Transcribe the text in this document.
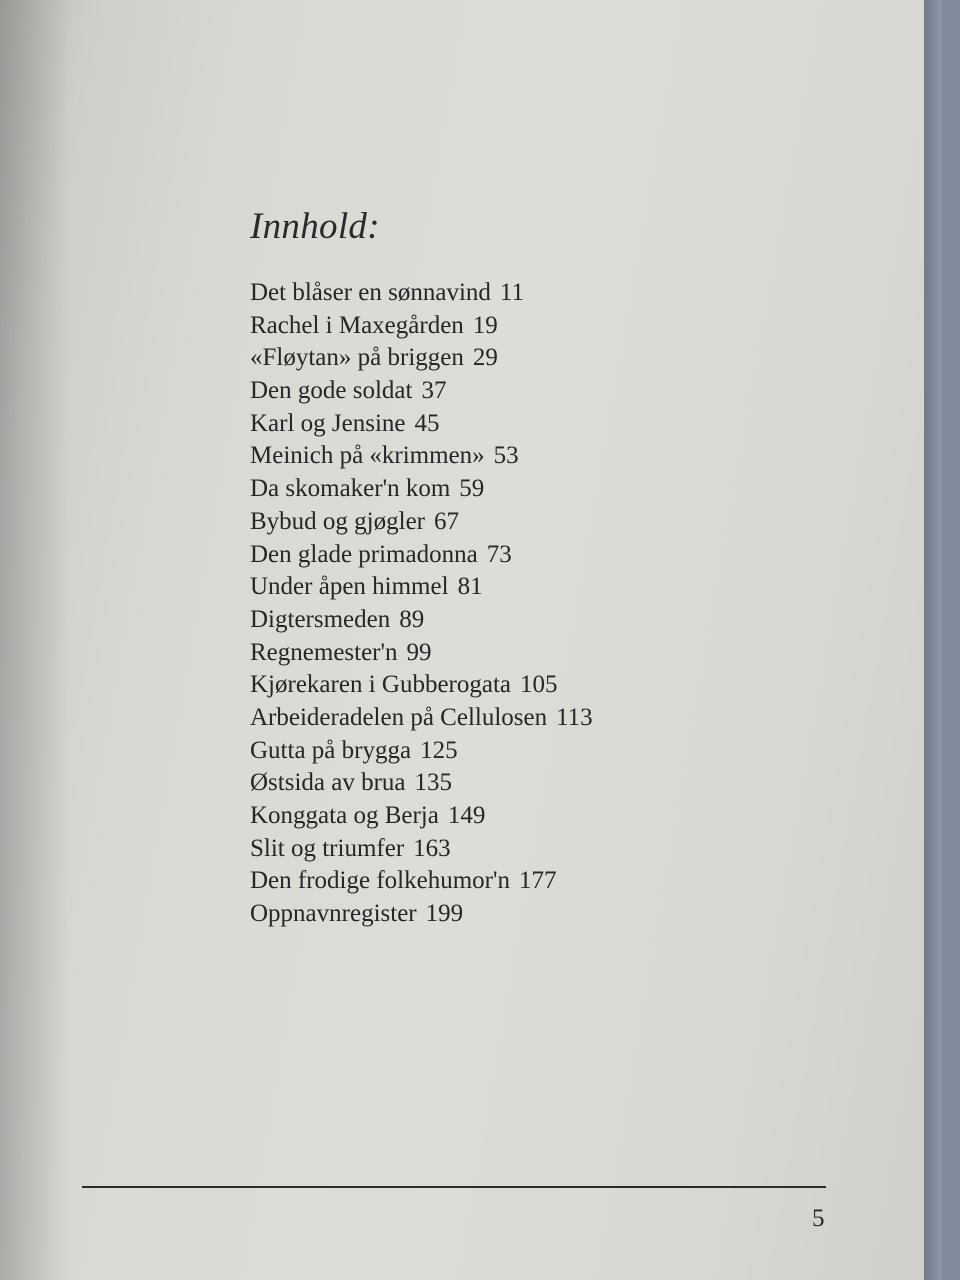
Innhold:
Det blåser en sønnavind 11
Rachel i Maxegården 19
«Fløytan» på briggen 29
Den gode soldat 37
Karl og Jensine 45
Meinich på «krimmen» 53
Da skomaker'n kom 59
Bybud og gjøgler 67
Den glade primadonna 73
Under åpen himmel 81
Digtersmeden 89
Regnemester'n 99
Kjørekaren i Gubberogata 105
Arbeideradelen på Cellulosen 113
Gutta på brygga 125
Østsida av brua 135
Konggata og Berja 149
Slit og triumfer 163
Den frodige folkehumor'n 177
Oppnavnregister 199
5
